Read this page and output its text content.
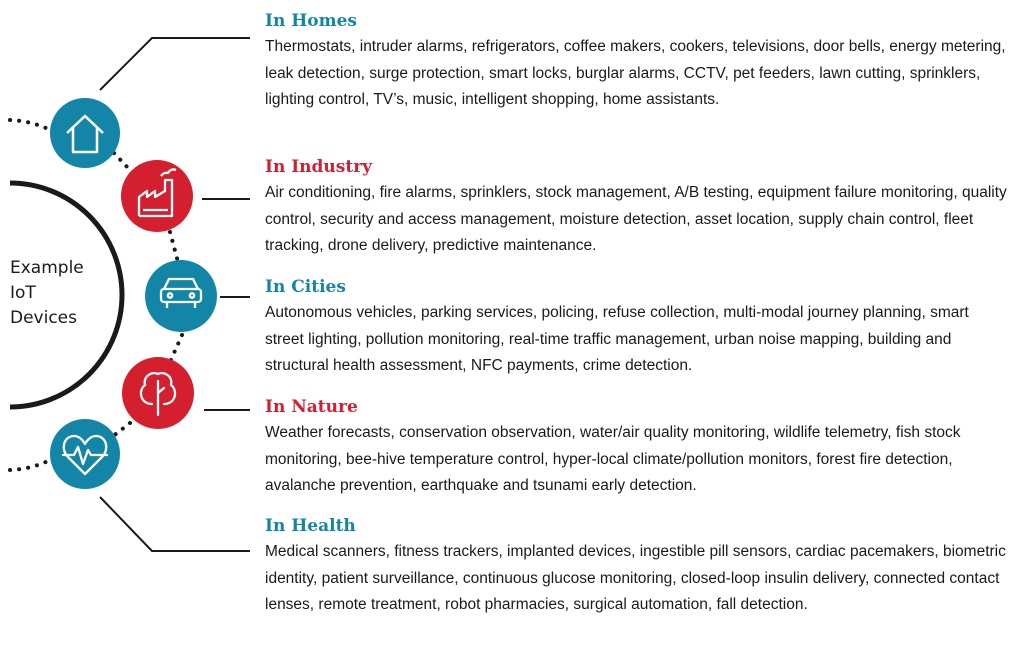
Example
IoT
Devices
In Homes

Thermostats, intruder alarms, refrigerators, coffee makers, cookers, televisions, door bells, energy metering, leak detection, surge protection, smart locks, burglar alarms, CCTV, pet feeders, lawn cutting, sprinklers, lighting control, TV’s, music, intelligent shopping, home assistants.

In Industry

Air conditioning, fire alarms, sprinklers, stock management, A/B testing, equipment failure monitoring, quality control, security and access management, moisture detection, asset location, supply chain control, fleet tracking, drone delivery, predictive maintenance.

In Cities

Autonomous vehicles, parking services, policing, refuse collection, multi-modal journey planning, smart street lighting, pollution monitoring, real-time traffic management, urban noise mapping, building and structural health assessment, NFC payments, crime detection.

In Nature

Weather forecasts, conservation observation, water/air quality monitoring, wildlife telemetry, fish stock monitoring, bee-hive temperature control, hyper-local climate/pollution monitors, forest fire detection, avalanche prevention, earthquake and tsunami early detection.

In Health

Medical scanners, fitness trackers, implanted devices, ingestible pill sensors, cardiac pacemakers, biometric identity, patient surveillance, continuous glucose monitoring, closed-loop insulin delivery, connected contact lenses, remote treatment, robot pharmacies, surgical automation, fall detection.
